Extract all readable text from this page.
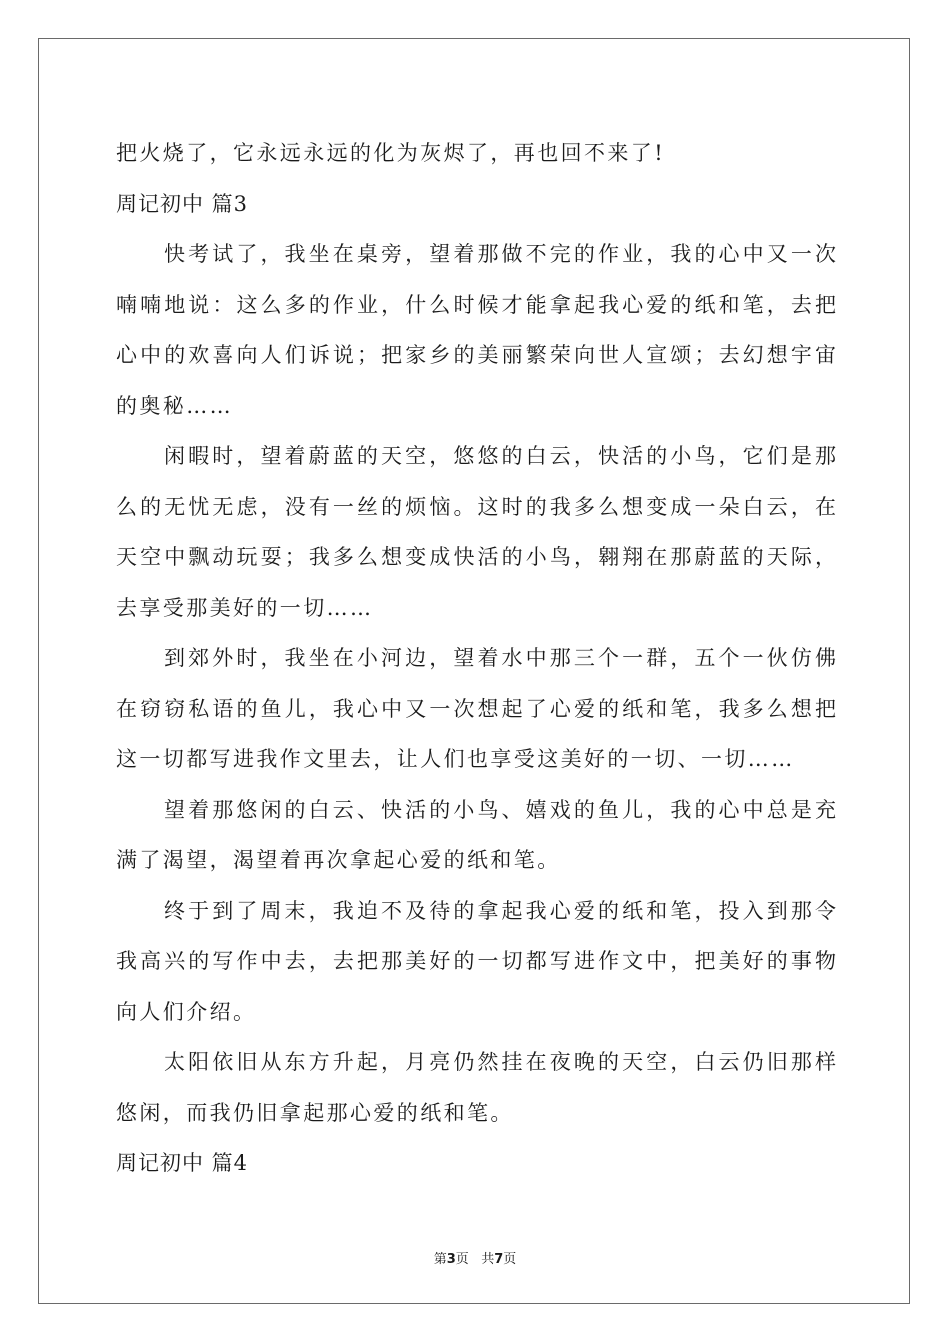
把火烧了，它永远永远的化为灰烬了，再也回不来了!
周记初中 篇3
快考试了，我坐在桌旁，望着那做不完的作业，我的心中又一次
喃喃地说：这么多的作业，什么时候才能拿起我心爱的纸和笔，去把
心中的欢喜向人们诉说；把家乡的美丽繁荣向世人宣颂；去幻想宇宙
的奥秘……
闲暇时，望着蔚蓝的天空，悠悠的白云，快活的小鸟，它们是那
么的无忧无虑，没有一丝的烦恼。这时的我多么想变成一朵白云，在
天空中飘动玩耍；我多么想变成快活的小鸟，翱翔在那蔚蓝的天际，
去享受那美好的一切……
到郊外时，我坐在小河边，望着水中那三个一群，五个一伙仿佛
在窃窃私语的鱼儿，我心中又一次想起了心爱的纸和笔，我多么想把
这一切都写进我作文里去，让人们也享受这美好的一切、一切……
望着那悠闲的白云、快活的小鸟、嬉戏的鱼儿，我的心中总是充
满了渴望，渴望着再次拿起心爱的纸和笔。
终于到了周末，我迫不及待的拿起我心爱的纸和笔，投入到那令
我高兴的写作中去，去把那美好的一切都写进作文中，把美好的事物
向人们介绍。
太阳依旧从东方升起，月亮仍然挂在夜晚的天空，白云仍旧那样
悠闲，而我仍旧拿起那心爱的纸和笔。
周记初中 篇4
第3页   共7页
